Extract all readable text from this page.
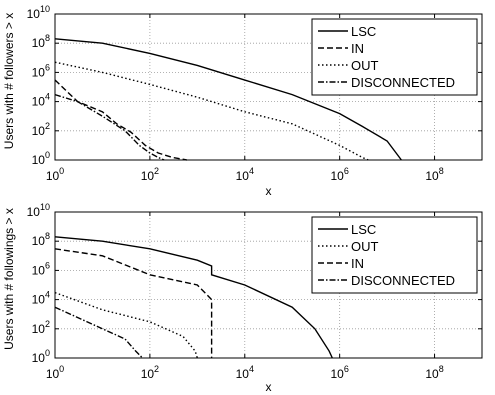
$10^0$	$10^2$	$10^4$	$10^6$	$10^8$
$10^0$
$10^2$
$10^4$
$10^6$
$10^8$
$10^{10}$
x
Users with # followers > x	LSC
IN
OUT
DISCONNECTED
$10^0$	$10^2$	$10^4$	$10^6$	$10^8$
$10^0$
$10^2$
$10^4$
$10^6$
$10^8$
$10^{10}$
x
Users with # followings > x	LSC
OUT
IN
DISCONNECTED
